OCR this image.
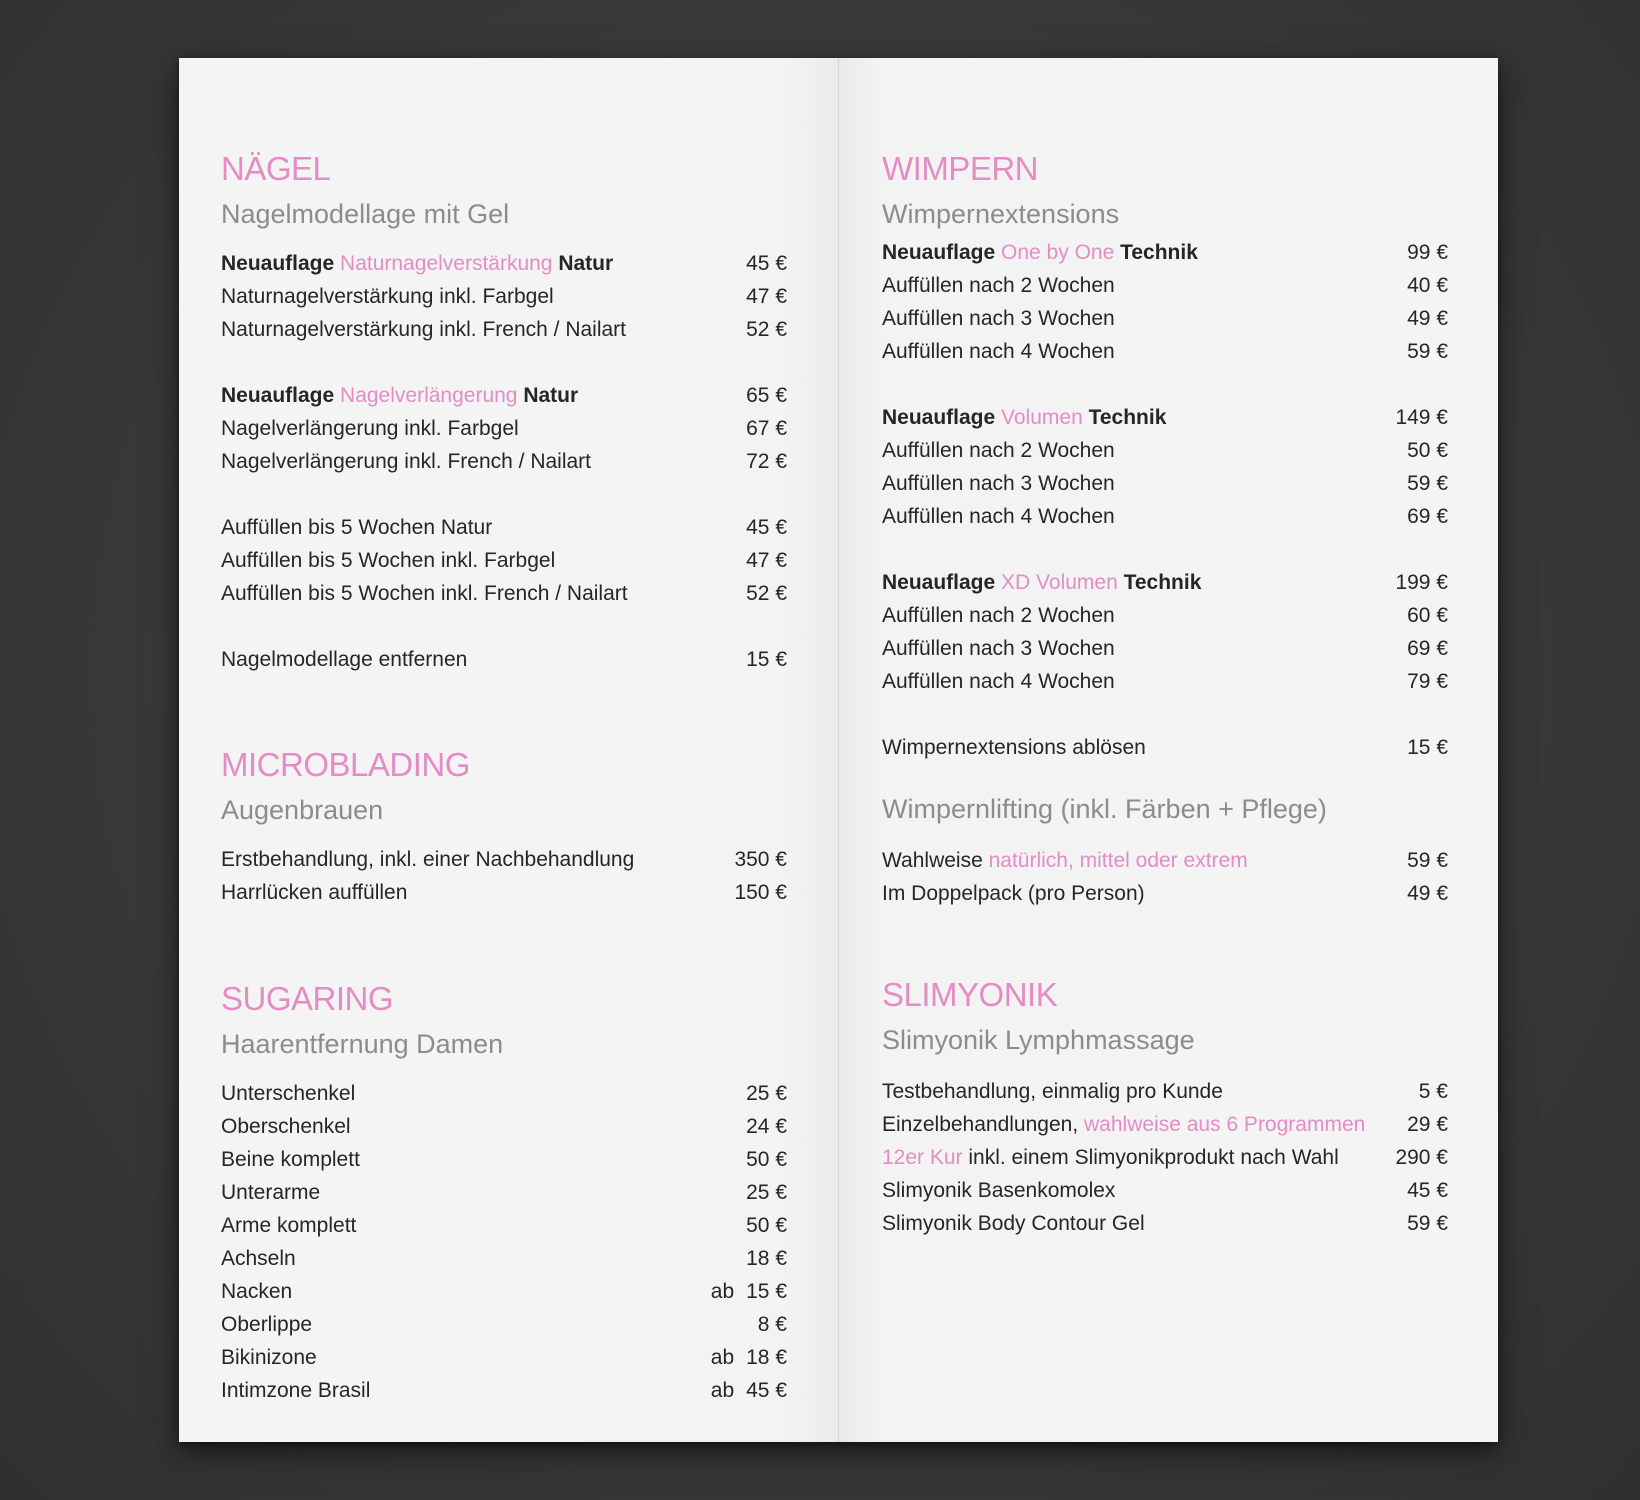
NÄGEL
Nagelmodellage mit Gel
Neuauflage Naturnagelverstärkung Natur	45 €
Naturnagelverstärkung inkl. Farbgel	47 €
Naturnagelverstärkung inkl. French / Nailart	52 €
Neuauflage Nagelverlängerung Natur	65 €
Nagelverlängerung inkl. Farbgel	67 €
Nagelverlängerung inkl. French / Nailart	72 €
Auffüllen bis 5 Wochen Natur	45 €
Auffüllen bis 5 Wochen inkl. Farbgel	47 €
Auffüllen bis 5 Wochen inkl. French / Nailart	52 €
Nagelmodellage entfernen	15 €
MICROBLADING
Augenbrauen
Erstbehandlung, inkl. einer Nachbehandlung	350 €
Harrlücken auffüllen	150 €
SUGARING
Haarentfernung Damen
Unterschenkel	25 €
Oberschenkel	24 €
Beine komplett	50 €
Unterarme	25 €
Arme komplett	50 €
Achseln	18 €
Nacken	ab 15 €
Oberlippe	8 €
Bikinizone	ab 18 €
Intimzone Brasil	ab 45 €
WIMPERN
Wimpernextensions
Neuauflage One by One Technik	99 €
Auffüllen nach 2 Wochen	40 €
Auffüllen nach 3 Wochen	49 €
Auffüllen nach 4 Wochen	59 €
Neuauflage Volumen Technik	149 €
Auffüllen nach 2 Wochen	50 €
Auffüllen nach 3 Wochen	59 €
Auffüllen nach 4 Wochen	69 €
Neuauflage XD Volumen Technik	199 €
Auffüllen nach 2 Wochen	60 €
Auffüllen nach 3 Wochen	69 €
Auffüllen nach 4 Wochen	79 €
Wimpernextensions ablösen	15 €
Wimpernlifting (inkl. Färben + Pflege)
Wahlweise natürlich, mittel oder extrem	59 €
Im Doppelpack (pro Person)	49 €
SLIMYONIK
Slimyonik Lymphmassage
Testbehandlung, einmalig pro Kunde	5 €
Einzelbehandlungen, wahlweise aus 6 Programmen 29 €
12er Kur inkl. einem Slimyonikprodukt nach Wahl	290 €
Slimyonik Basenkomolex	45 €
Slimyonik Body Contour Gel	59 €
